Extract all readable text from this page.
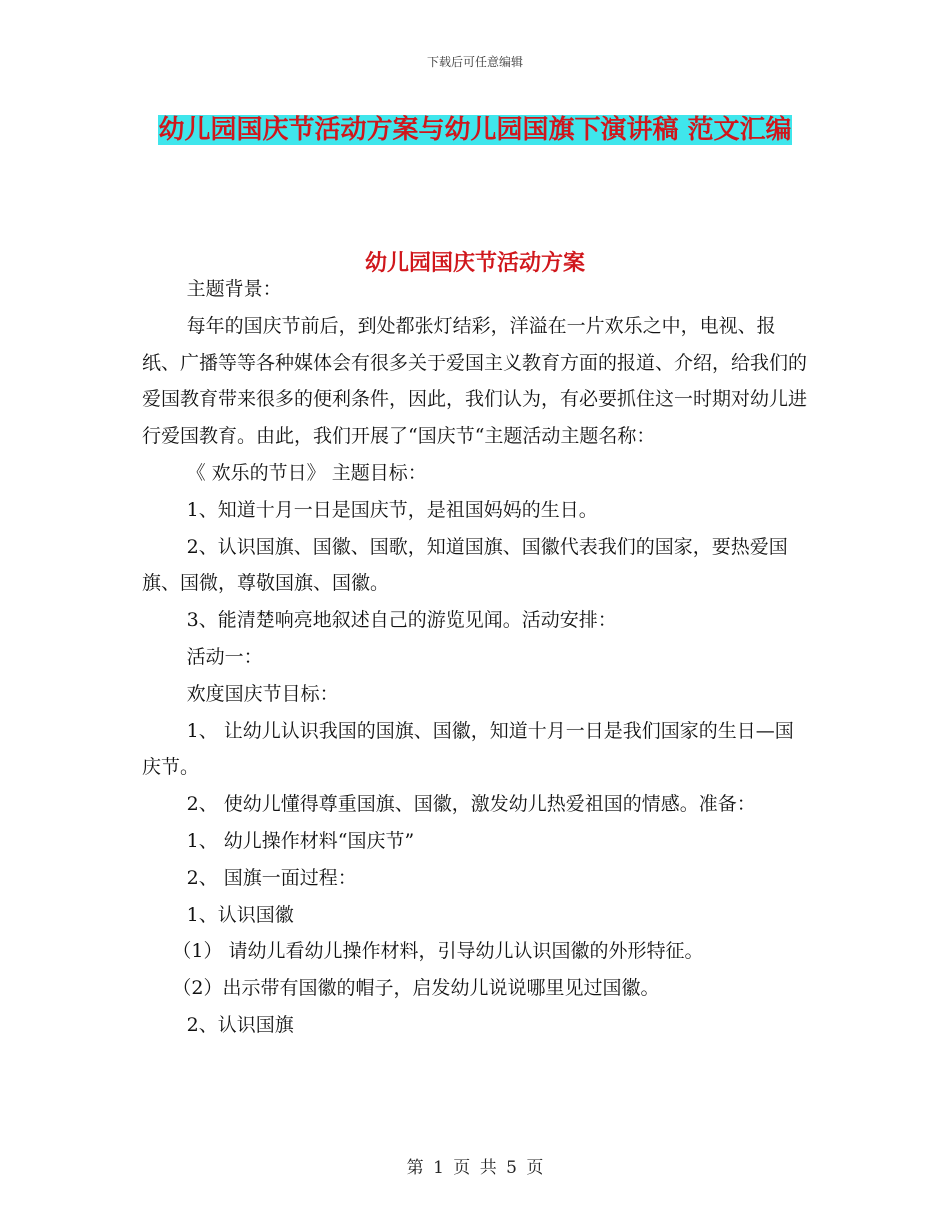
下载后可任意编辑
幼儿园国庆节活动方案与幼儿园国旗下演讲稿 范文汇编
幼儿园国庆节活动方案

主题背景：

每年的国庆节前后，到处都张灯结彩，洋溢在一片欢乐之中，电视、报纸、广播等等各种媒体会有很多关于爱国主义教育方面的报道、介绍，给我们的爱国教育带来很多的便利条件，因此，我们认为，有必要抓住这一时期对幼儿进行爱国教育。由此，我们开展了“国庆节“主题活动主题名称：

《 欢乐的节日》 主题目标：

1、知道十月一日是国庆节，是祖国妈妈的生日。

2、认识国旗、国徽、国歌，知道国旗、国徽代表我们的国家，要热爱国旗、国微，尊敬国旗、国徽。

3、能清楚响亮地叙述自己的游览见闻。活动安排：

活动一：

欢度国庆节目标：

1、 让幼儿认识我国的国旗、国徽，知道十月一日是我们国家的生日—国庆节。

2、 使幼儿懂得尊重国旗、国徽，激发幼儿热爱祖国的情感。准备：

1、 幼儿操作材料“国庆节”

2、 国旗一面过程：

1、认识国徽

（1） 请幼儿看幼儿操作材料，引导幼儿认识国徽的外形特征。

（2）出示带有国徽的帽子，启发幼儿说说哪里见过国徽。

2、认识国旗

第 1 页 共 5 页
